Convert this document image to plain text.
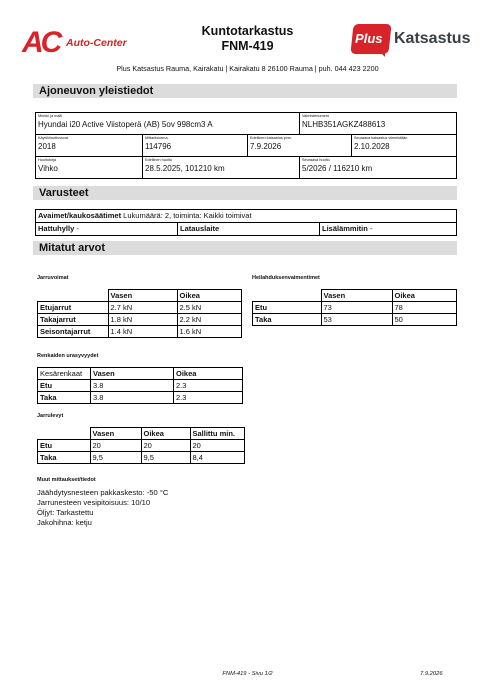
AC Auto-Center
Kuntotarkastus
FNM-419	Plus Katsastus
Plus Katsastus Rauma, Kairakatu | Kairakatu 8 26100 Rauma | puh. 044 423 2200
Ajoneuvon yleistiedot
Merkki ja malli
Hyundai i20 Active Viistoperä (AB) 5ov 998cm3 A
Valmistenumero
NLHB351AGKZ488613
Käyttöönottovuosi
2018
Mittarilukema
114796
Edellinen katsastus pvm.
7.9.2026
Seuraava katsastus viimeistään
2.10.2028
Huoltokirja
Vihko
Edellinen huolto
28.5.2025, 101210 km
Seuraava huolto
5/2026 / 116210 km
Varusteet
Avaimet/kaukosäätimet Lukumäärä: 2, toiminta: Kaikki toimivat
Hattuhylly -	Latauslaite	Lisälämmitin -
Mitatut arvot
Jarruvoimat
	Vasen	Oikea
Etujarrut	2.7 kN	2.5 kN
Takajarrut	1.8 kN	2.2 kN
Seisontajarrut	1.4 kN	1.6 kN
Heilahduksenvaimentimet
	Vasen	Oikea
Etu	73	78
Taka	53	50
Renkaiden urasyvyydet
Kesärenkaat	Vasen	Oikea
Etu	3.8	2.3
Taka	3.8	2.3
Jarrulevyt
	Vasen	Oikea	Sallittu min.
Etu	20	20	20
Taka	9,5	9,5	8,4
Muut mittaukset/tiedot
Jäähdytysnesteen pakkaskesto: -50 °C
Jarrunesteen vesipitoisuus: 10/10
Öljyt: Tarkastettu
Jakohihna: ketju
FNM-419 - Sivu 1/2	7.9.2026
